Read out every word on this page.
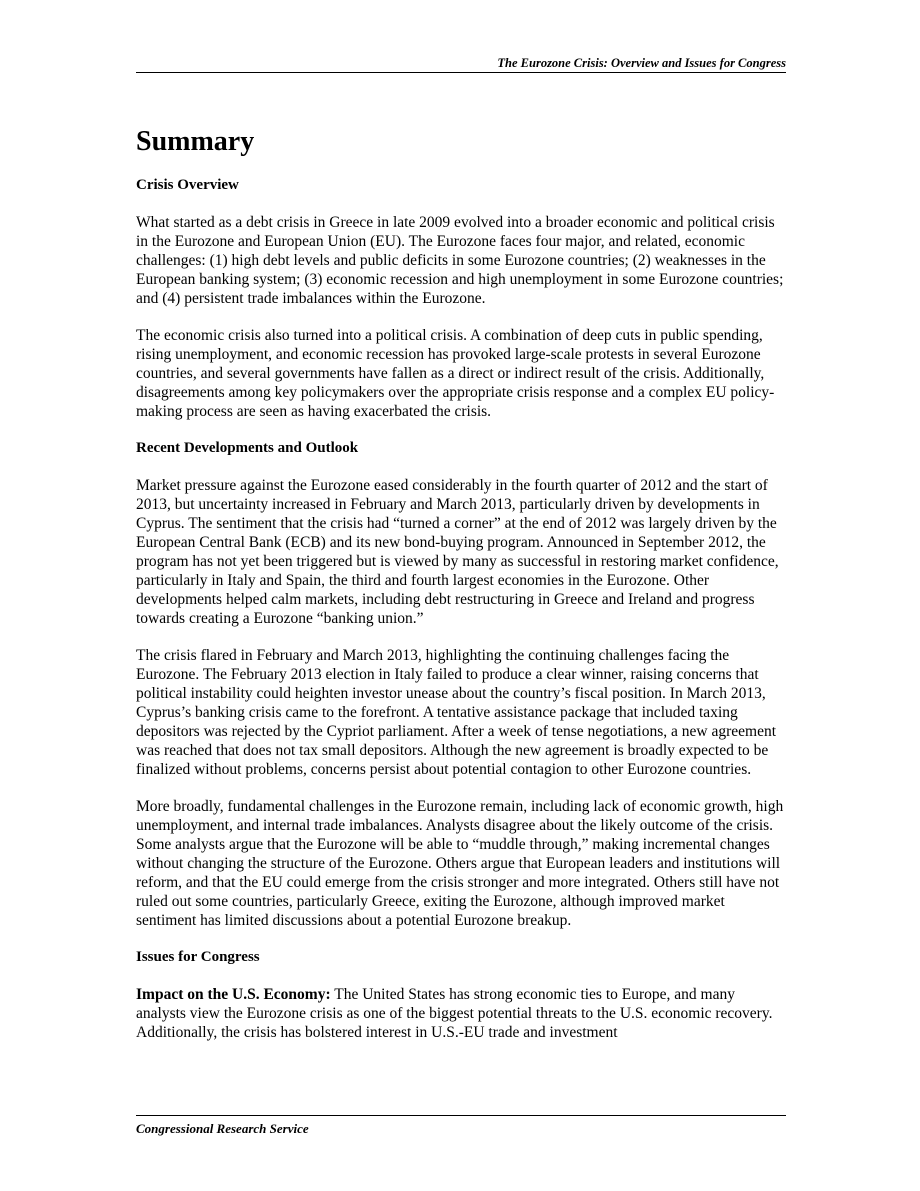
The Eurozone Crisis: Overview and Issues for Congress
Summary
Crisis Overview

What started as a debt crisis in Greece in late 2009 evolved into a broader economic and political crisis in the Eurozone and European Union (EU). The Eurozone faces four major, and related, economic challenges: (1) high debt levels and public deficits in some Eurozone countries; (2) weaknesses in the European banking system; (3) economic recession and high unemployment in some Eurozone countries; and (4) persistent trade imbalances within the Eurozone.

The economic crisis also turned into a political crisis. A combination of deep cuts in public spending, rising unemployment, and economic recession has provoked large-scale protests in several Eurozone countries, and several governments have fallen as a direct or indirect result of the crisis. Additionally, disagreements among key policymakers over the appropriate crisis response and a complex EU policy-making process are seen as having exacerbated the crisis.

Recent Developments and Outlook

Market pressure against the Eurozone eased considerably in the fourth quarter of 2012 and the start of 2013, but uncertainty increased in February and March 2013, particularly driven by developments in Cyprus. The sentiment that the crisis had “turned a corner” at the end of 2012 was largely driven by the European Central Bank (ECB) and its new bond-buying program. Announced in September 2012, the program has not yet been triggered but is viewed by many as successful in restoring market confidence, particularly in Italy and Spain, the third and fourth largest economies in the Eurozone. Other developments helped calm markets, including debt restructuring in Greece and Ireland and progress towards creating a Eurozone “banking union.”

The crisis flared in February and March 2013, highlighting the continuing challenges facing the Eurozone. The February 2013 election in Italy failed to produce a clear winner, raising concerns that political instability could heighten investor unease about the country’s fiscal position. In March 2013, Cyprus’s banking crisis came to the forefront. A tentative assistance package that included taxing depositors was rejected by the Cypriot parliament. After a week of tense negotiations, a new agreement was reached that does not tax small depositors. Although the new agreement is broadly expected to be finalized without problems, concerns persist about potential contagion to other Eurozone countries.

More broadly, fundamental challenges in the Eurozone remain, including lack of economic growth, high unemployment, and internal trade imbalances. Analysts disagree about the likely outcome of the crisis. Some analysts argue that the Eurozone will be able to “muddle through,” making incremental changes without changing the structure of the Eurozone. Others argue that European leaders and institutions will reform, and that the EU could emerge from the crisis stronger and more integrated. Others still have not ruled out some countries, particularly Greece, exiting the Eurozone, although improved market sentiment has limited discussions about a potential Eurozone breakup.

Issues for Congress

Impact on the U.S. Economy: The United States has strong economic ties to Europe, and many analysts view the Eurozone crisis as one of the biggest potential threats to the U.S. economic recovery. Additionally, the crisis has bolstered interest in U.S.-EU trade and investment

Congressional Research Service
